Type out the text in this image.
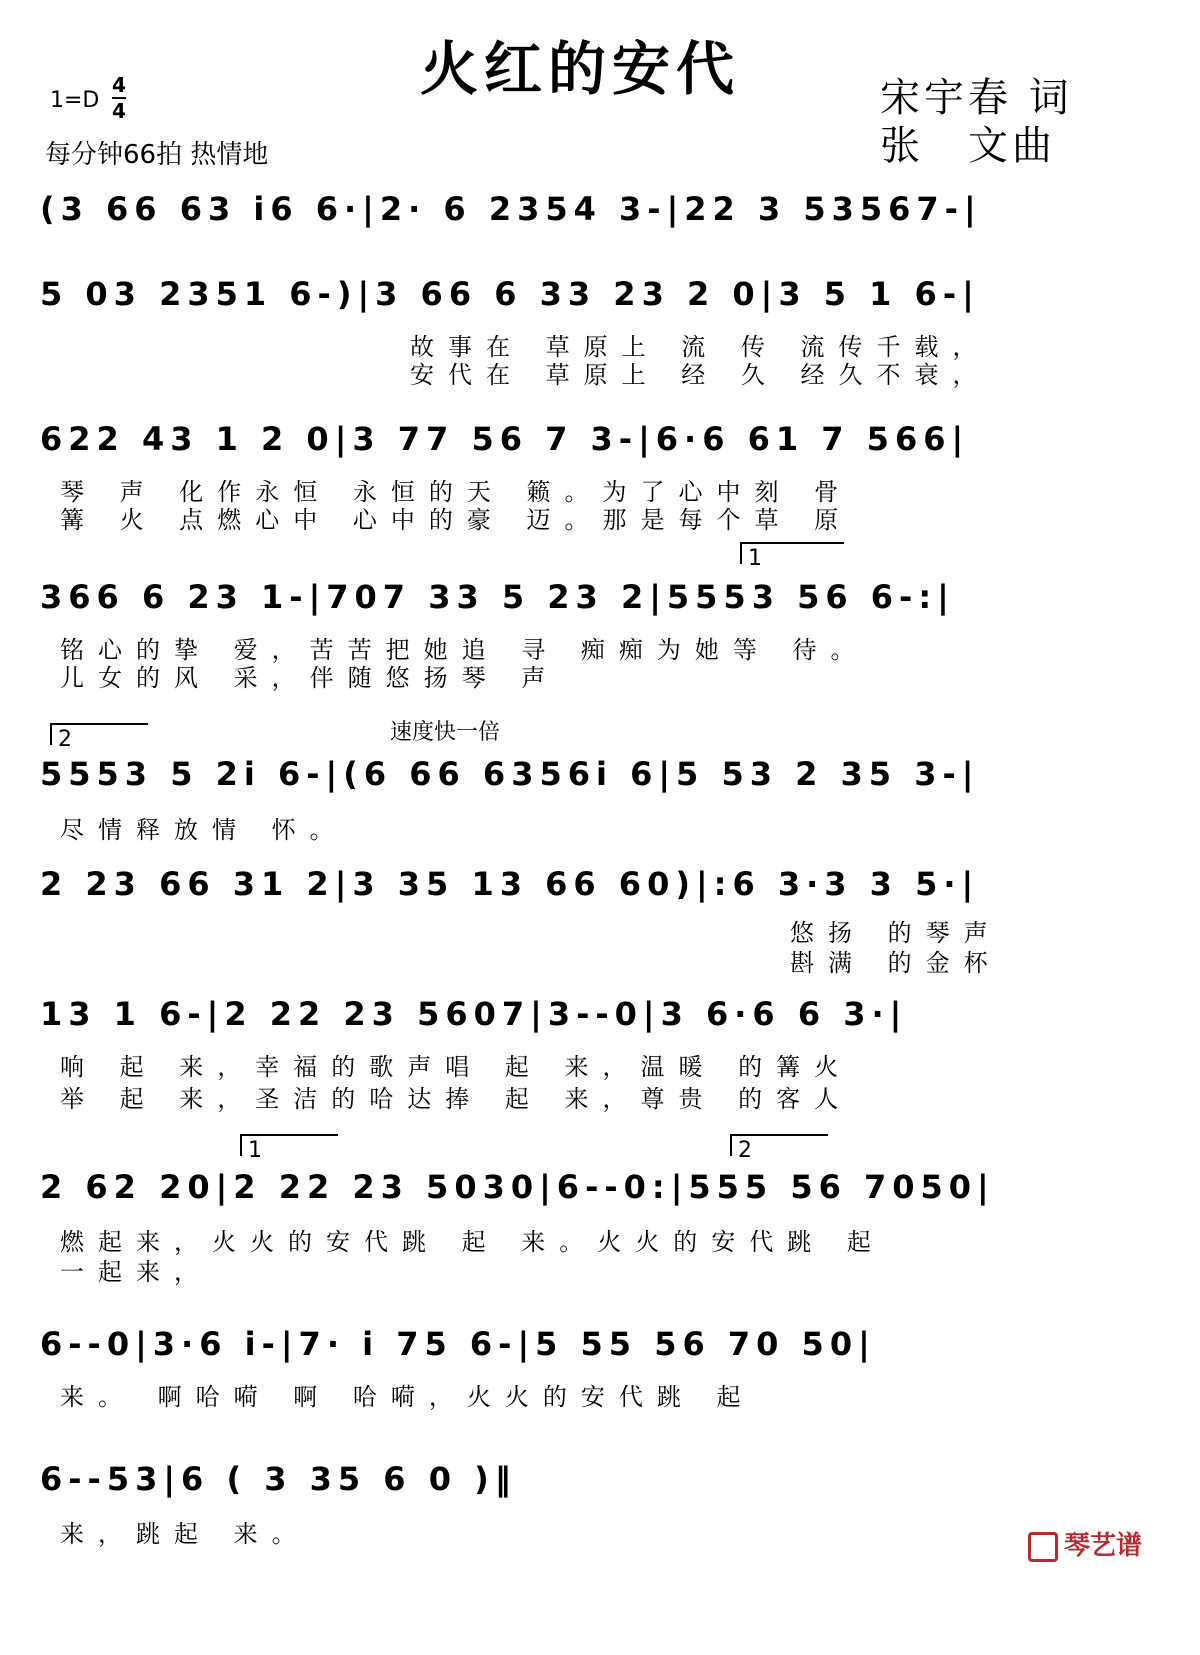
火红的安代	宋宇春 词
张　文曲
1=D
4
4
每分钟66拍 热情地
(3 66 63 i6 6·|2· 6 2354 3-|22 3 53567-|
5 03 2351 6-)|3 66 6 33 23 2 0|3 5 1 6-|
故事在 草原上 流 传 流传千载，
安代在 草原上 经 久 经久不衰，
622 43 1 2 0|3 77 56 7 3-|6·6 61 7 566|
琴 声 化作永恒 永恒的天 籁。为了心中刻 骨
篝 火 点燃心中 心中的豪 迈。那是每个草 原
1
366 6 23 1-|707 33 5 23 2|5553 56 6-:|
铭心的挚 爱，苦苦把她追 寻 痴痴为她等 待。
儿女的风 采，伴随悠扬琴 声
2	速度快一倍
5553 5 2i 6-|(6 66 6356i 6|5 53 2 35 3-|
尽情释放情 怀。
2 23 66 31 2|3 35 13 66 60)|:6 3·3 3 5·|
悠扬 的琴声
斟满 的金杯
13 1 6-|2 22 23 5607|3--0|3 6·6 6 3·|
响 起 来，幸福的歌声唱 起 来，温暖 的篝火
举 起 来，圣洁的哈达捧 起 来，尊贵 的客人
1	2
2 62 20|2 22 23 5030|6--0:|555 56 7050|
燃起来，火火的安代跳 起 来。火火的安代跳 起
一起来，
6--0|3·6 i-|7· i 75 6-|5 55 56 70 50|
来。 啊哈嗬 啊 哈嗬，火火的安代跳 起
6--53|6 ( 3 35 6 0 )‖
来，跳起 来。	琴艺谱
